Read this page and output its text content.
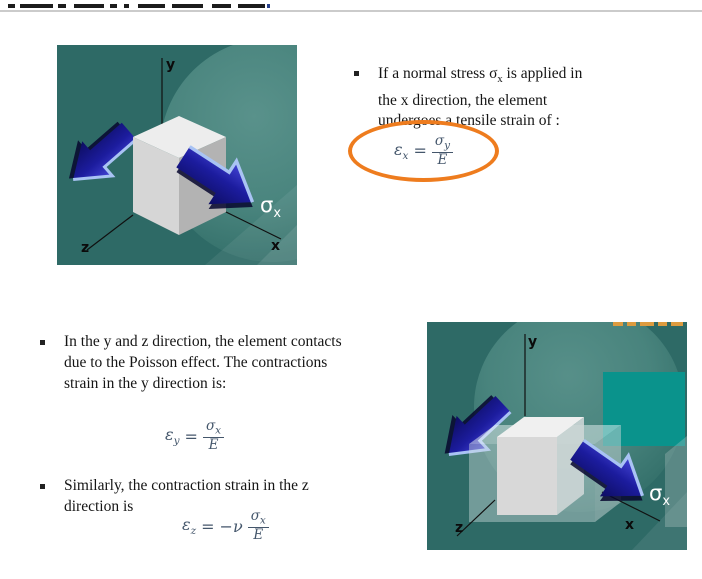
y
z	x
$\sigma_x$
If a normal stress $\sigma_x$ is applied in
the x direction, the element
undergoes a tensile strain of :
$\varepsilon_x = \frac{\sigma_y}{E}$
In the y and z direction, the element contacts
due to the Poisson effect. The contractions
strain in the y direction is:
$\varepsilon_y = \frac{\sigma_x}{E}$
Similarly, the contraction strain in the z
direction is
$\varepsilon_z = -\nu \frac{\sigma_x}{E}$
y
z	x
$\sigma_x$
